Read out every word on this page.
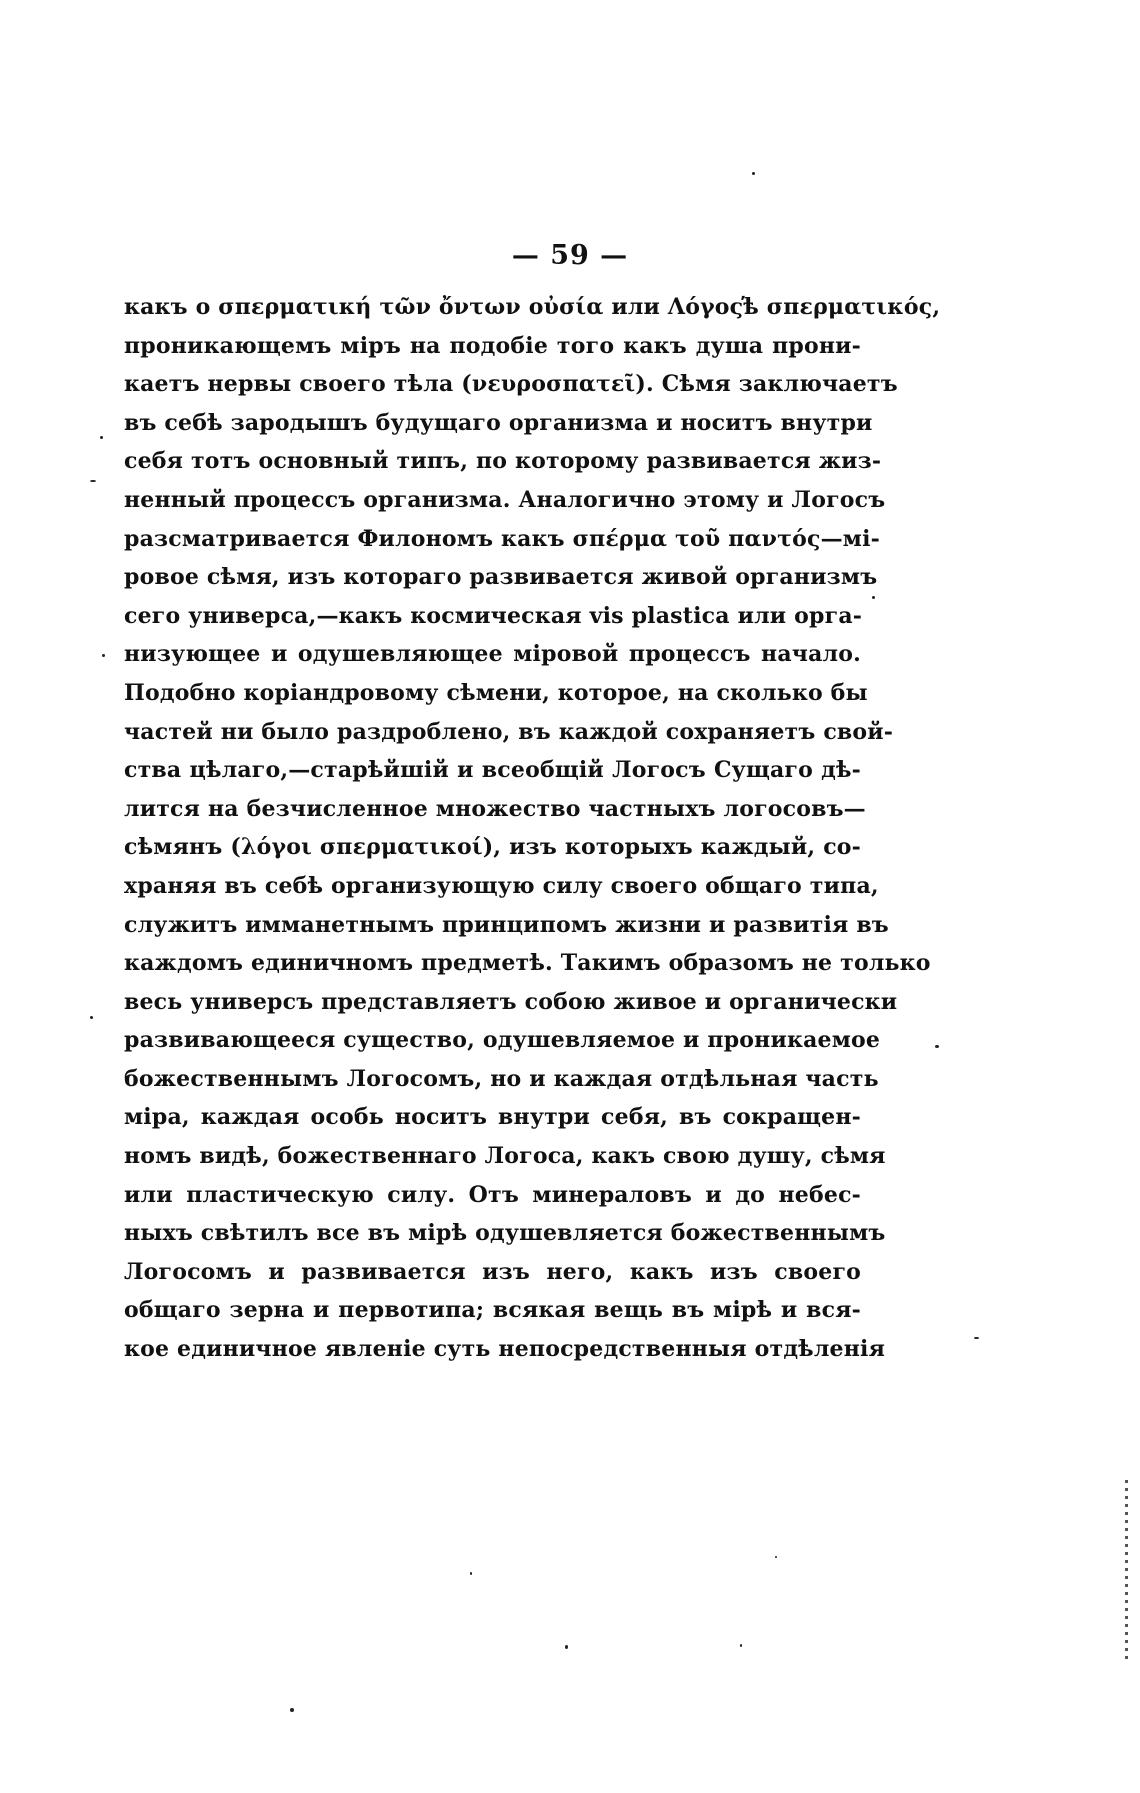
— 59 —
какъ ο σπερματική τῶν ὄντων οὐσία или Λόγος̕ѣ σπερματικός,
проникающемъ міръ на подобіе того какъ душа прони-
каетъ нервы своего тѣла (νευροσπατεῖ). Сѣмя заключаетъ
въ себѣ зародышъ будущаго организма и носитъ внутри
себя тотъ основный типъ, по которому развивается жиз-
ненный процессъ организма. Аналогично этому и Логосъ
разсматривается Филономъ какъ σπέρμα τοῦ παντός—мі-
ровое сѣмя, изъ котораго развивается живой организмъ
сего универса,—какъ космическая vis plastica или орга-
низующее и одушевляющее міровой процессъ начало.
Подобно коріандровому сѣмени, которое, на сколько бы
частей ни было раздроблено, въ каждой сохраняетъ свой-
ства цѣлаго,—старѣйшій и всеобщій Логосъ Сущаго дѣ-
лится на безчисленное множество частныхъ логосовъ—
сѣмянъ (λόγοι σπερματικοί), изъ которыхъ каждый, со-
храняя въ себѣ организующую силу своего общаго типа,
служитъ имманетнымъ принципомъ жизни и развитія въ
каждомъ единичномъ предметѣ. Такимъ образомъ не только
весь универсъ представляетъ собою живое и органически
развивающееся существо, одушевляемое и проникаемое
божественнымъ Логосомъ, но и каждая отдѣльная часть
міра, каждая особь носитъ внутри себя, въ сокращен-
номъ видѣ, божественнаго Логоса, какъ свою душу, сѣмя
или пластическую силу. Отъ минераловъ и до небес-
ныхъ свѣтилъ все въ мірѣ одушевляется божественнымъ
Логосомъ и развивается изъ него, какъ изъ своего
общаго зерна и первотипа; всякая вещь въ мірѣ и вся-
кое единичное явленіе суть непосредственныя отдѣленія
